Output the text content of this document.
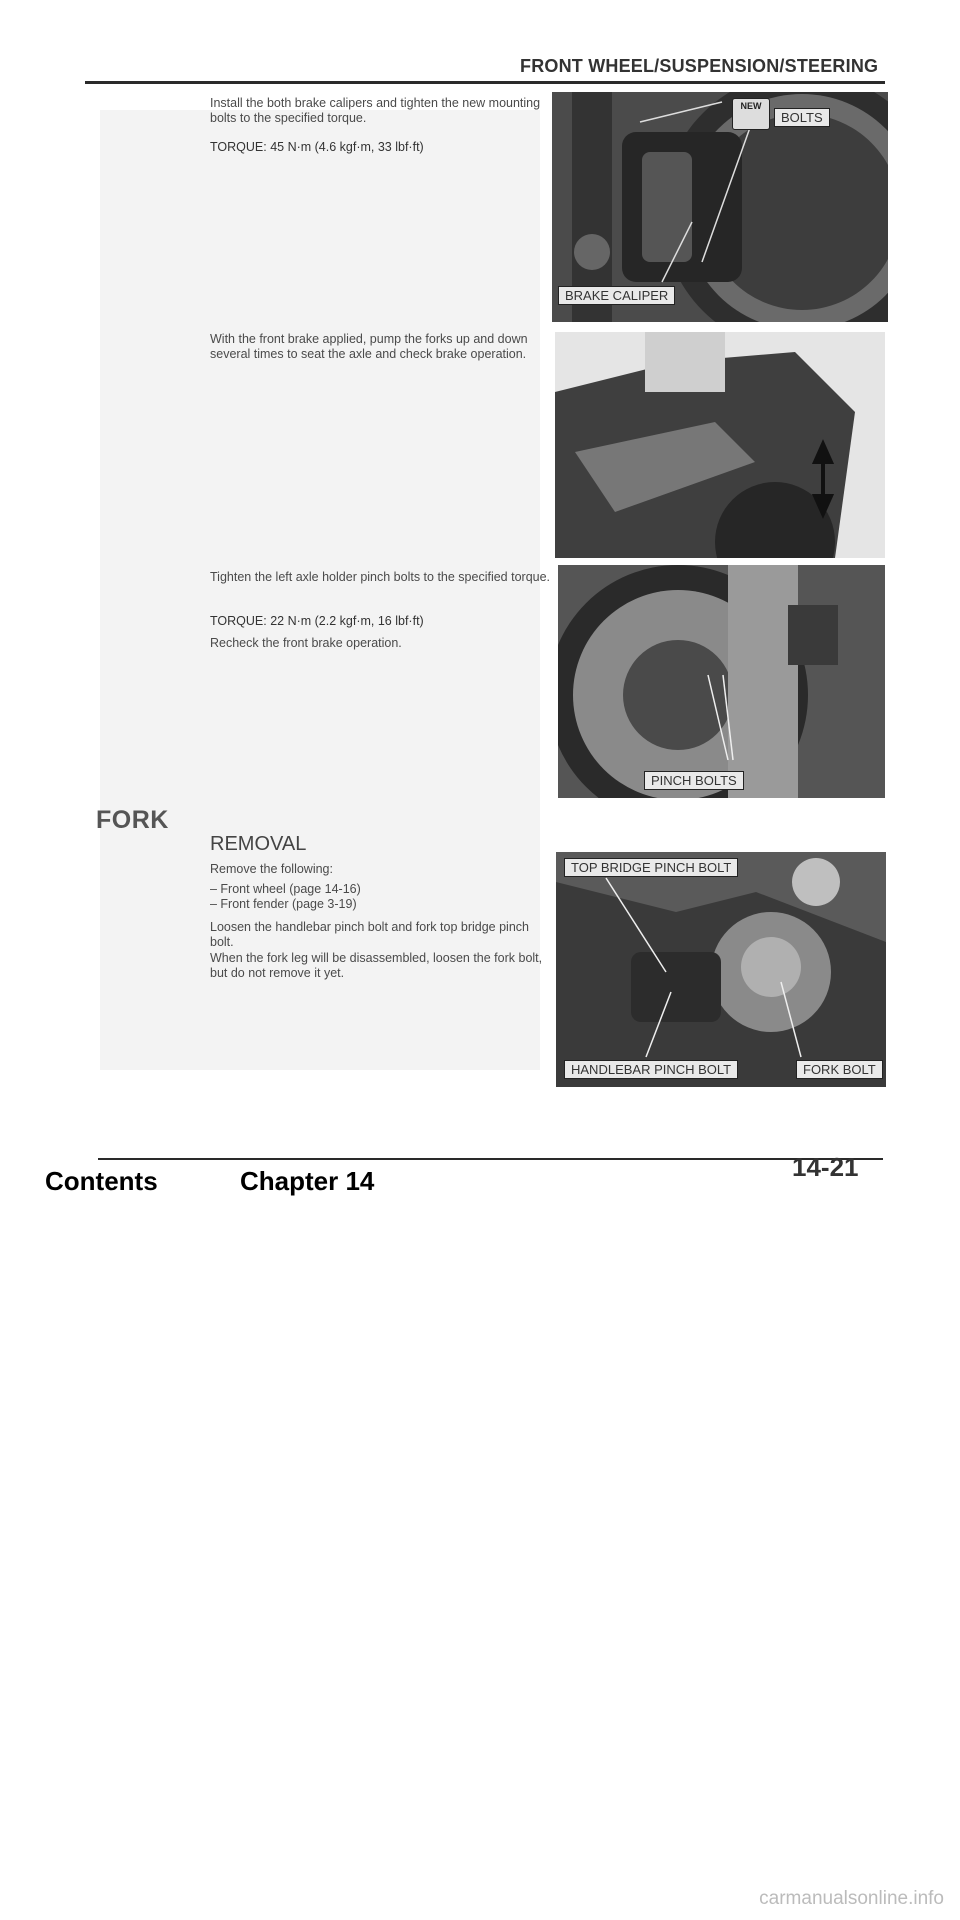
FRONT WHEEL/SUSPENSION/STEERING
Install the both brake calipers and tighten the new mounting bolts to the specified torque.
TORQUE: 45 N·m (4.6 kgf·m, 33 lbf·ft)
BRAKE CALIPER
BOLTS
NEW
With the front brake applied, pump the forks up and down several times to seat the axle and check brake operation.
Tighten the left axle holder pinch bolts to the specified torque.
TORQUE: 22 N·m (2.2 kgf·m, 16 lbf·ft)
Recheck the front brake operation.
PINCH BOLTS
FORK
REMOVAL
Remove the following:
– Front wheel (page 14-16)
– Front fender (page 3-19)
Loosen the handlebar pinch bolt and fork top bridge pinch bolt.
When the fork leg will be disassembled, loosen the fork bolt, but do not remove it yet.
TOP BRIDGE PINCH BOLT
HANDLEBAR PINCH BOLT	FORK BOLT
14-21
Contents	Chapter 14
carmanualsonline.info
